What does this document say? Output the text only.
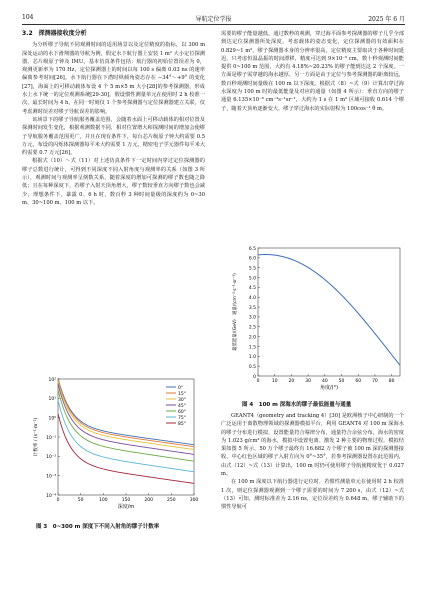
104	导航定位学报	2025 年 6 月
3.2　探测器接收度分析

为分析缪子导航不同观测时间的适用场景以及定位精度的指标，以 300 m 深处运动的水下滑翔器的导航为例，假定水下航行器上安装 1 m² 大小定位探测器、芯片级原子钟及 IMU，基本仿真条件包括：航行器的初始位置误差为 0，观测更新率为 170 Hz，定位探测器上的时间以每 100 s 偏离 0.03 ns 的速率偏离参考时间[26]。水下航行器在下潜时纵倾角姿态存在 −34°～+9° 的变化[27]，海面上的可移动载体布设 4 个 5 m×5 m 大小[28]的参考探测器，形成水上水下统一的定位观测系统[29-30]。假设惯性测量单元在使用时 2 h 校准一次，最长时间为 4 h，在同一时刻仅 1 个参考探测器与定位探测器建立关联，仅考虑测时误差对缪子导航误差的影响。

该场景下的缪子导航服务覆盖范围，会随着水面上可移动载体的相对位置及探测时间发生变化，根据观测数据不同，相对位置增大和探测时间的增加会使缪子导航服务覆盖范围更广，并且在现有条件下，每台芯片级原子钟大约需要 0.5 万元，布设的闪烁体探测器每平米大约需要 1 万元，精密电子学元器件每平米大约需要 0.7 万元[26]。

根据式（10）～式（11）对上述仿真条件下一定时间内穿过定位探测器的缪子总数进行统计，可得到不同深度不同入射角度与观测率的关系（如图 3 所示），观测时间与观测率呈倒数关系，随着深度的增加可探测的缪子数也随之降低；且在每种深度下，若缪子入射天顶角增大，缪子数较垂直方向缪子数也会减少，理想条件下，暴露 0、6 h 时，数百秒 3 种时间量级的深度约为 0~30 m、30~100 m、100 m 以下。

需要的缪子能量越低，通过数秒的观测，穿过海平面参考探测器的缪子几乎全部到达定位探测器所处深度。考虑载体的姿态变化，定位探测器的有效面积在 0.829~1 m²，缪子探测器本身的分辨率很高，定位精度主要取决于各种时间延迟，只考虑恒温晶振的时间漂移，精度可达到 9×10⁻⁵ cm，数十秒观测时间能提供 0~100 m 范围，大约有 4.18%~20.23% 的缪子能到达这 2 个深度。一方面是缪子需穿越的海水越厚，另一方面是由于定位与参考探测器的距离较远，数百秒观测时间量级在 100 m 以下深度。根据式（8）~式（9）计算出穿过海水深度为 100 m 时的最低能量及对应的通量（如图 4 所示）：垂直方向的缪子通量 6.135×10⁻⁶ cm⁻²s⁻¹sr⁻¹，大约为 1 s 在 1 m² 区域可接收 0.614 个缪子，随着天顶角逐渐变大，缪子穿过海水的实际射程为 100cos⁻¹ θ m。

0
0.5
1.0
1.5
2.0
2.5
3.0
3.5
4.0
4.5
5.0
5.5
6.0
6.5
0	10 20 30 40 50 60 70 80
角度/(°)
最低能量/(GeV)　通量/(cm⁻²·s⁻¹·sr⁻¹)
图 4　100 m 深海水的缪子最低能量与通量

GEANT4（geometry and tracking 4）[30] 是欧洲核子中心研制的一个广泛运用于离散物理领域的探测器模拟平台，利用 GEANT4 对 100 m 深海水的缪子分布进行模拟，设置能量符合幂律分布，通量符合余弦分布，海水的密度为 1.023 g/cm³ 的海水，模拟中设置电离、激发 2 种主要的物理过程。模拟结果如图 5 所示，50 万个缪子最终有 16.682 万个缪子被 100 m 深的探测器接收，中心红色区域的缪子入射方向为 0°~35°，若参考探测器设置在此范围内，由式（12）~式（13）计算出，100 m 时仍可使用缪子导航使精度优于 0.027 m。

在 100 m 深度以下航行器进行定位时，若惯性测量单元在使用时 2 h 校准 1 次，则定位探测器观测到一个缪子需要的时间为 7 200 s，由式（12）~式（13）可知，测时标准差为 2.16 ns，定位误差约为 0.648 m，缪子辅助下的惯性导航可

10⁻⁴
10⁻³
10⁻²
10⁻¹
10⁰
10¹
10²
0	50	100	150	200	250	300
深度/m
计数率 / (s⁻¹·m⁻²)
0°
15°
30°
45°
60°
75°
85°
图 3　0~300 m 深度下不同入射角的缪子计数率
